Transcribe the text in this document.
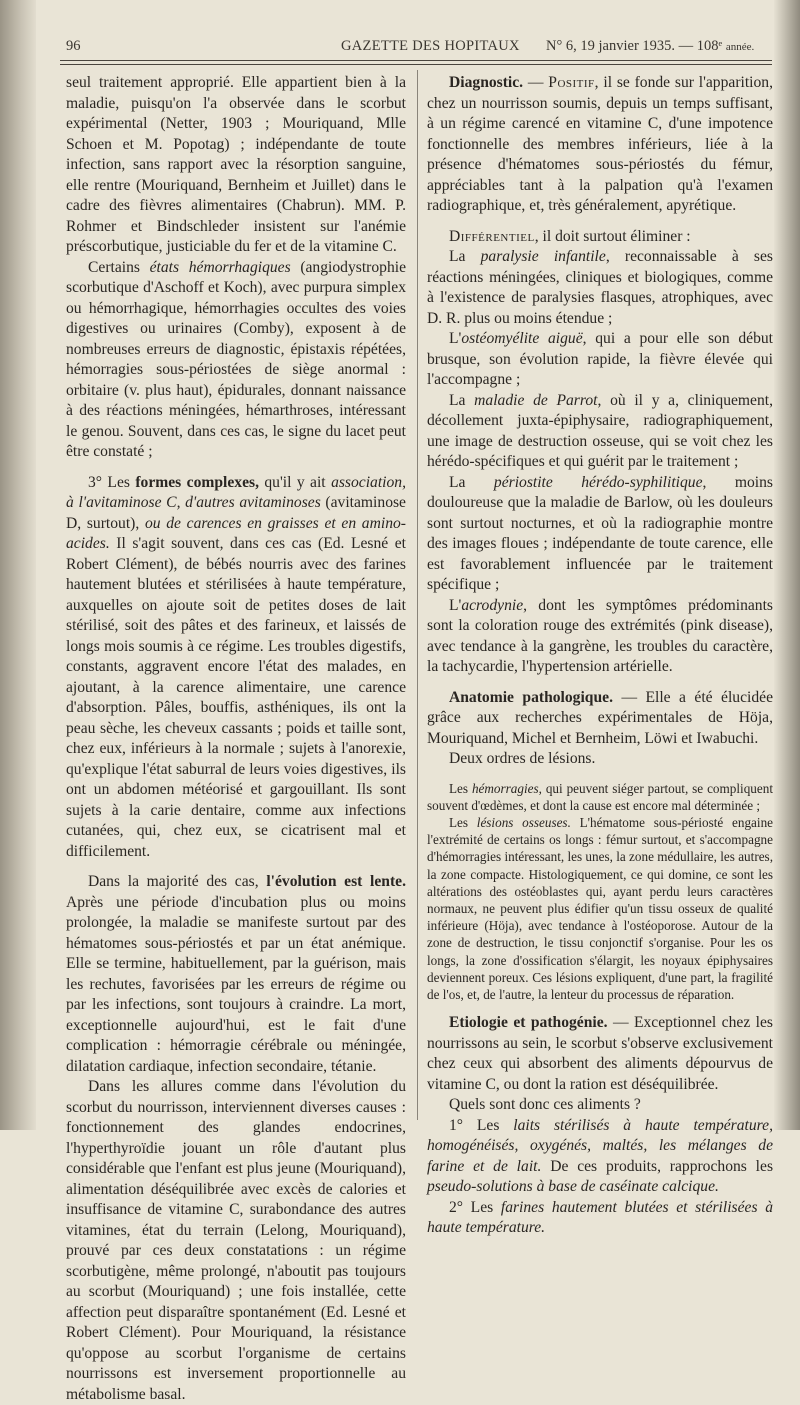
96	GAZETTE DES HOPITAUX N° 6, 19 janvier 1935. — 108ᵉ année.

seul traitement approprié. Elle appartient bien à la maladie, puisqu'on l'a observée dans le scorbut expérimental (Netter, 1903 ; Mouriquand, Mlle Schoen et M. Popotag) ; indépendante de toute infection, sans rapport avec la résorption sanguine, elle rentre (Mouriquand, Bernheim et Juillet) dans le cadre des fièvres alimentaires (Chabrun). MM. P. Rohmer et Bindschleder insistent sur l'anémie préscorbutique, justiciable du fer et de la vitamine C.

Certains états hémorrhagiques (angiodystrophie scorbutique d'Aschoff et Koch), avec purpura simplex ou hémorrhagique, hémorrhagies occultes des voies digestives ou urinaires (Comby), exposent à de nombreuses erreurs de diagnostic, épistaxis répétées, hémorragies sous-périostées de siège anormal : orbitaire (v. plus haut), épidurales, donnant naissance à des réactions méningées, hémarthroses, intéressant le genou. Souvent, dans ces cas, le signe du lacet peut être constaté ;

3° Les formes complexes, qu'il y ait association, à l'avitaminose C, d'autres avitaminoses (avitaminose D, surtout), ou de carences en graisses et en amino-acides. Il s'agit souvent, dans ces cas (Ed. Lesné et Robert Clément), de bébés nourris avec des farines hautement blutées et stérilisées à haute température, auxquelles on ajoute soit de petites doses de lait stérilisé, soit des pâtes et des farineux, et laissés de longs mois soumis à ce régime. Les troubles digestifs, constants, aggravent encore l'état des malades, en ajoutant, à la carence alimentaire, une carence d'absorption. Pâles, bouffis, asthéniques, ils ont la peau sèche, les cheveux cassants ; poids et taille sont, chez eux, inférieurs à la normale ; sujets à l'anorexie, qu'explique l'état saburral de leurs voies digestives, ils ont un abdomen météorisé et gargouillant. Ils sont sujets à la carie dentaire, comme aux infections cutanées, qui, chez eux, se cicatrisent mal et difficilement.

Dans la majorité des cas, l'évolution est lente. Après une période d'incubation plus ou moins prolongée, la maladie se manifeste surtout par des hématomes sous-périostés et par un état anémique. Elle se termine, habituellement, par la guérison, mais les rechutes, favorisées par les erreurs de régime ou par les infections, sont toujours à craindre. La mort, exceptionnelle aujourd'hui, est le fait d'une complication : hémorragie cérébrale ou méningée, dilatation cardiaque, infection secondaire, tétanie.

Dans les allures comme dans l'évolution du scorbut du nourrisson, interviennent diverses causes : fonctionnement des glandes endocrines, l'hyperthyroïdie jouant un rôle d'autant plus considérable que l'enfant est plus jeune (Mouriquand), alimentation déséquilibrée avec excès de calories et insuffisance de vitamine C, surabondance des autres vitamines, état du terrain (Lelong, Mouriquand), prouvé par ces deux constatations : un régime scorbutigène, même prolongé, n'aboutit pas toujours au scorbut (Mouriquand) ; une fois installée, cette affection peut disparaître spontanément (Ed. Lesné et Robert Clément). Pour Mouriquand, la résistance qu'oppose au scorbut l'organisme de certains nourrissons est inversement proportionnelle au métabolisme basal.

Diagnostic. — Positif, il se fonde sur l'apparition, chez un nourrisson soumis, depuis un temps suffisant, à un régime carencé en vitamine C, d'une impotence fonctionnelle des membres inférieurs, liée à la présence d'hématomes sous-périostés du fémur, appréciables tant à la palpation qu'à l'examen radiographique, et, très généralement, apyrétique.

Différentiel, il doit surtout éliminer :

La paralysie infantile, reconnaissable à ses réactions méningées, cliniques et biologiques, comme à l'existence de paralysies flasques, atrophiques, avec D. R. plus ou moins étendue ;

L'ostéomyélite aiguë, qui a pour elle son début brusque, son évolution rapide, la fièvre élevée qui l'accompagne ;

La maladie de Parrot, où il y a, cliniquement, décollement juxta-épiphysaire, radiographiquement, une image de destruction osseuse, qui se voit chez les hérédo-spécifiques et qui guérit par le traitement ;

La périostite hérédo-syphilitique, moins douloureuse que la maladie de Barlow, où les douleurs sont surtout nocturnes, et où la radiographie montre des images floues ; indépendante de toute carence, elle est favorablement influencée par le traitement spécifique ;

L'acrodynie, dont les symptômes prédominants sont la coloration rouge des extrémités (pink disease), avec tendance à la gangrène, les troubles du caractère, la tachycardie, l'hypertension artérielle.

Anatomie pathologique. — Elle a été élucidée grâce aux recherches expérimentales de Höja, Mouriquand, Michel et Bernheim, Löwi et Iwabuchi.

Deux ordres de lésions.

Les hémorragies, qui peuvent siéger partout, se compliquent souvent d'œdèmes, et dont la cause est encore mal déterminée ;

Les lésions osseuses. L'hématome sous-périosté engaine l'extrémité de certains os longs : fémur surtout, et s'accompagne d'hémorragies intéressant, les unes, la zone médullaire, les autres, la zone compacte. Histologiquement, ce qui domine, ce sont les altérations des ostéoblastes qui, ayant perdu leurs caractères normaux, ne peuvent plus édifier qu'un tissu osseux de qualité inférieure (Höja), avec tendance à l'ostéoporose. Autour de la zone de destruction, le tissu conjonctif s'organise. Pour les os longs, la zone d'ossification s'élargit, les noyaux épiphysaires deviennent poreux. Ces lésions expliquent, d'une part, la fragilité de l'os, et, de l'autre, la lenteur du processus de réparation.

Etiologie et pathogénie. — Exceptionnel chez les nourrissons au sein, le scorbut s'observe exclusivement chez ceux qui absorbent des aliments dépourvus de vitamine C, ou dont la ration est déséquilibrée.

Quels sont donc ces aliments ?

1° Les laits stérilisés à haute température, homogénéisés, oxygénés, maltés, les mélanges de farine et de lait. De ces produits, rapprochons les pseudo-solutions à base de caséinate calcique.

2° Les farines hautement blutées et stérilisées à haute température.
